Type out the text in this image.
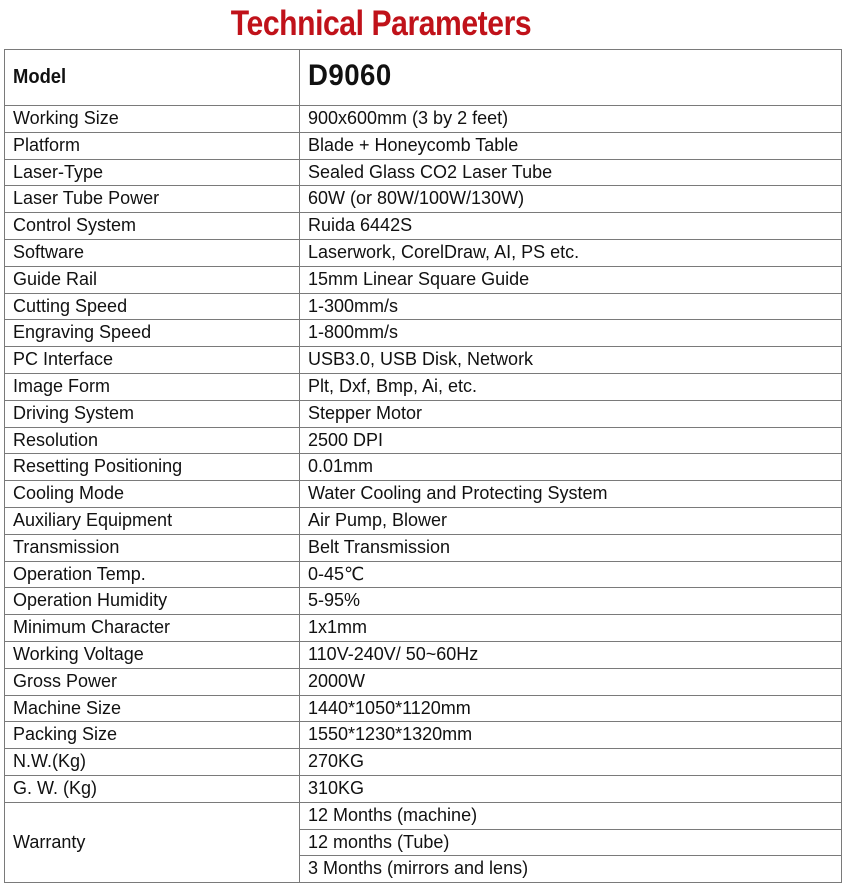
Technical Parameters
Model	D9060
Working Size	900x600mm (3 by 2 feet)
Platform	Blade + Honeycomb Table
Laser-Type	Sealed Glass CO2 Laser Tube
Laser Tube Power	60W (or 80W/100W/130W)
Control System	Ruida 6442S
Software	Laserwork, CorelDraw, AI, PS etc.
Guide Rail	15mm Linear Square Guide
Cutting Speed	1-300mm/s
Engraving Speed	1-800mm/s
PC Interface	USB3.0, USB Disk, Network
Image Form	Plt, Dxf, Bmp, Ai, etc.
Driving System	Stepper Motor
Resolution	2500 DPI
Resetting Positioning	0.01mm
Cooling Mode	Water Cooling and Protecting System
Auxiliary Equipment	Air Pump, Blower
Transmission	Belt Transmission
Operation Temp.	0-45℃
Operation Humidity	5-95%
Minimum Character	1x1mm
Working Voltage	110V-240V/ 50~60Hz
Gross Power	2000W
Machine Size	1440*1050*1120mm
Packing Size	1550*1230*1320mm
N.W.(Kg)	270KG
G. W. (Kg)	310KG
Warranty	12 Months (machine)
	12 months (Tube)
	3 Months (mirrors and lens)
